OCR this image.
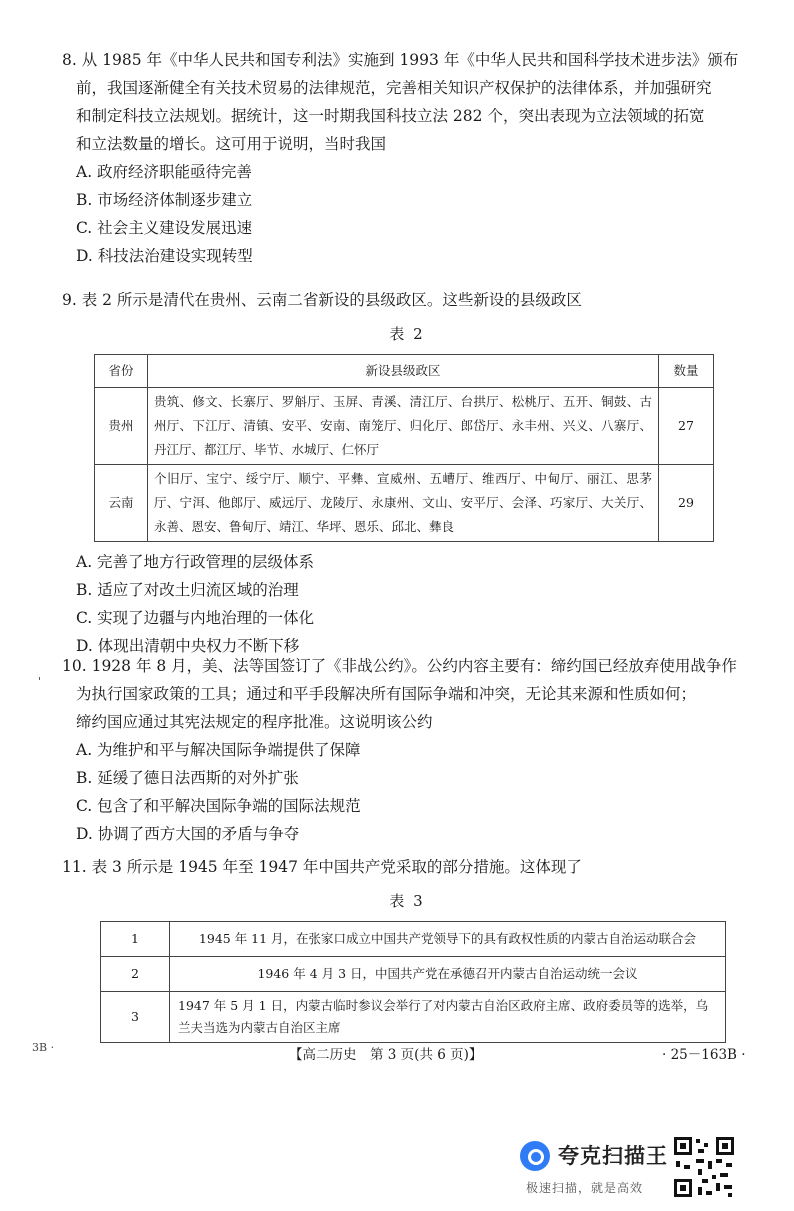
8. 从 1985 年《中华人民共和国专利法》实施到 1993 年《中华人民共和国科学技术进步法》颁布

前，我国逐渐健全有关技术贸易的法律规范，完善相关知识产权保护的法律体系，并加强研究

和制定科技立法规划。据统计，这一时期我国科技立法 282 个，突出表现为立法领域的拓宽

和立法数量的增长。这可用于说明，当时我国

A. 政府经济职能亟待完善

B. 市场经济体制逐步建立

C. 社会主义建设发展迅速

D. 科技法治建设实现转型

9. 表 2 所示是清代在贵州、云南二省新设的县级政区。这些新设的县级政区

表 2
省份	新设县级政区	数量
贵州	贵筑、修文、长寨厅、罗斛厅、玉屏、青溪、清江厅、台拱厅、松桃厅、五开、铜鼓、古州厅、下江厅、清镇、安平、安南、南笼厅、归化厅、郎岱厅、永丰州、兴义、八寨厅、丹江厅、都江厅、毕节、水城厅、仁怀厅	27
云南	个旧厅、宝宁、绥宁厅、顺宁、平彝、宣威州、五嶆厅、维西厅、中甸厅、丽江、思茅厅、宁洱、他郎厅、威远厅、龙陵厅、永康州、文山、安平厅、会泽、巧家厅、大关厅、永善、恩安、鲁甸厅、靖江、华坪、恩乐、邱北、彝良	29

A. 完善了地方行政管理的层级体系

B. 适应了对改土归流区域的治理

C. 实现了边疆与内地治理的一体化

D. 体现出清朝中央权力不断下移

'

10. 1928 年 8 月，美、法等国签订了《非战公约》。公约内容主要有：缔约国已经放弃使用战争作

为执行国家政策的工具；通过和平手段解决所有国际争端和冲突，无论其来源和性质如何；

缔约国应通过其宪法规定的程序批准。这说明该公约

A. 为维护和平与解决国际争端提供了保障

B. 延缓了德日法西斯的对外扩张

C. 包含了和平解决国际争端的国际法规范

D. 协调了西方大国的矛盾与争夺

11. 表 3 所示是 1945 年至 1947 年中国共产党采取的部分措施。这体现了

表 3
1	1945 年 11 月，在张家口成立中国共产党领导下的具有政权性质的内蒙古自治运动联合会
2	1946 年 4 月 3 日，中国共产党在承德召开内蒙古自治运动统一会议
3	1947 年 5 月 1 日，内蒙古临时参议会举行了对内蒙古自治区政府主席、政府委员等的选举，乌兰夫当选为内蒙古自治区主席
3B ·	【高二历史　第 3 页(共 6 页)】	· 25－163B ·
夸克扫描王
极速扫描，就是高效
